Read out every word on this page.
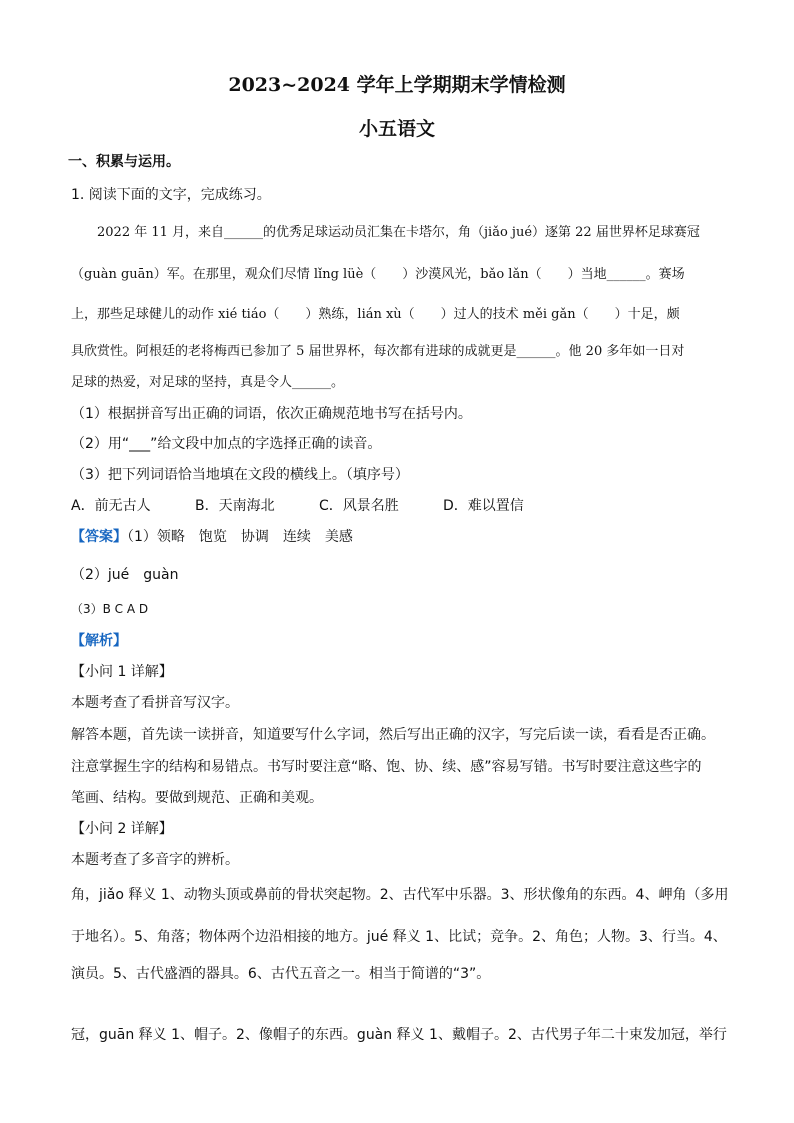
2023~2024 学年上学期期末学情检测
小五语文
一、积累与运用。
1. 阅读下面的文字，完成练习。
　　2022 年 11 月，来自______的优秀足球运动员汇集在卡塔尔，角（jiǎo jué）逐第 22 届世界杯足球赛冠
（guàn guān）军。在那里，观众们尽情 lǐng lüè（　　）沙漠风光，bǎo lǎn（　　）当地______。赛场
上，那些足球健儿的动作 xié tiáo（　　）熟练，lián xù（　　）过人的技术 měi gǎn（　　）十足，颇
具欣赏性。阿根廷的老将梅西已参加了 5 届世界杯，每次都有进球的成就更是______。他 20 多年如一日对
足球的热爱，对足球的坚持，真是令人______。
（1）根据拼音写出正确的词语，依次正确规范地书写在括号内。
（2）用“___”给文段中加点的字选择正确的读音。
（3）把下列词语恰当地填在文段的横线上。（填序号）
A．前无古人	B．天南海北	C．风景名胜	D．难以置信
【答案】（1）领略 饱览 协调 连续 美感
（2）jué　guàn
（3）B C A D
【解析】
【小问 1 详解】
本题考查了看拼音写汉字。
解答本题，首先读一读拼音，知道要写什么字词，然后写出正确的汉字，写完后读一读，看看是否正确。
注意掌握生字的结构和易错点。书写时要注意“略、饱、协、续、感”容易写错。书写时要注意这些字的
笔画、结构。要做到规范、正确和美观。
【小问 2 详解】
本题考查了多音字的辨析。
角，jiǎo 释义 1、动物头顶或鼻前的骨状突起物。2、古代军中乐器。3、形状像角的东西。4、岬角（多用
于地名）。5、角落；物体两个边沿相接的地方。jué 释义 1、比试；竞争。2、角色；人物。3、行当。4、
演员。5、古代盛酒的器具。6、古代五音之一。相当于简谱的“3”。
冠，guān 释义 1、帽子。2、像帽子的东西。guàn 释义 1、戴帽子。2、古代男子年二十束发加冠，举行
